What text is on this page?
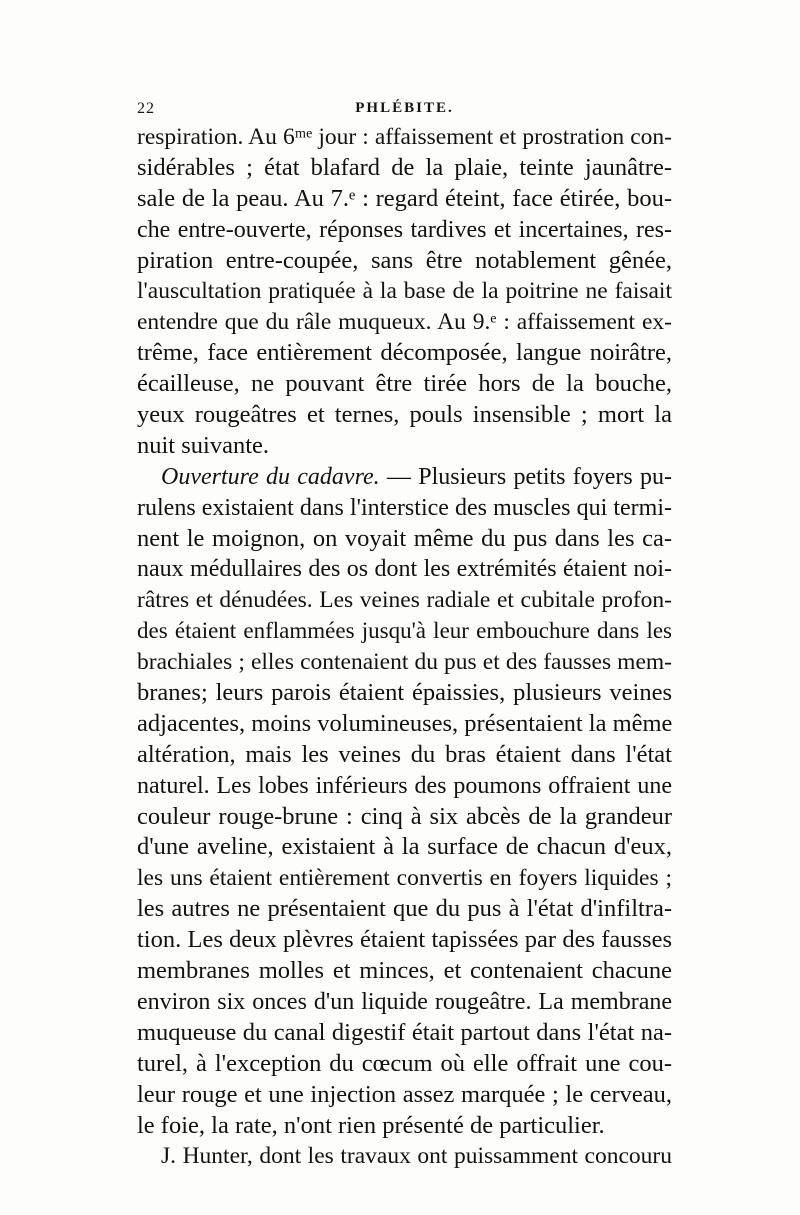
22	PHLÉBITE.
respiration. Au 6ᵐᵉ jour : affaissement et prostration con-
sidérables ; état blafard de la plaie, teinte jaunâtre-
sale de la peau. Au 7.ᵉ : regard éteint, face étirée, bou-
che entre-ouverte, réponses tardives et incertaines, res-
piration entre-coupée, sans être notablement gênée,
l'auscultation pratiquée à la base de la poitrine ne faisait
entendre que du râle muqueux. Au 9.ᵉ : affaissement ex-
trême, face entièrement décomposée, langue noirâtre,
écailleuse, ne pouvant être tirée hors de la bouche,
yeux rougeâtres et ternes, pouls insensible ; mort la
nuit suivante.
Ouverture du cadavre. — Plusieurs petits foyers pu-
rulens existaient dans l'interstice des muscles qui termi-
nent le moignon, on voyait même du pus dans les ca-
naux médullaires des os dont les extrémités étaient noi-
râtres et dénudées. Les veines radiale et cubitale profon-
des étaient enflammées jusqu'à leur embouchure dans les
brachiales ; elles contenaient du pus et des fausses mem-
branes; leurs parois étaient épaissies, plusieurs veines
adjacentes, moins volumineuses, présentaient la même
altération, mais les veines du bras étaient dans l'état
naturel. Les lobes inférieurs des poumons offraient une
couleur rouge-brune : cinq à six abcès de la grandeur
d'une aveline, existaient à la surface de chacun d'eux,
les uns étaient entièrement convertis en foyers liquides ;
les autres ne présentaient que du pus à l'état d'infiltra-
tion. Les deux plèvres étaient tapissées par des fausses
membranes molles et minces, et contenaient chacune
environ six onces d'un liquide rougeâtre. La membrane
muqueuse du canal digestif était partout dans l'état na-
turel, à l'exception du cœcum où elle offrait une cou-
leur rouge et une injection assez marquée ; le cerveau,
le foie, la rate, n'ont rien présenté de particulier.
J. Hunter, dont les travaux ont puissamment concouru
